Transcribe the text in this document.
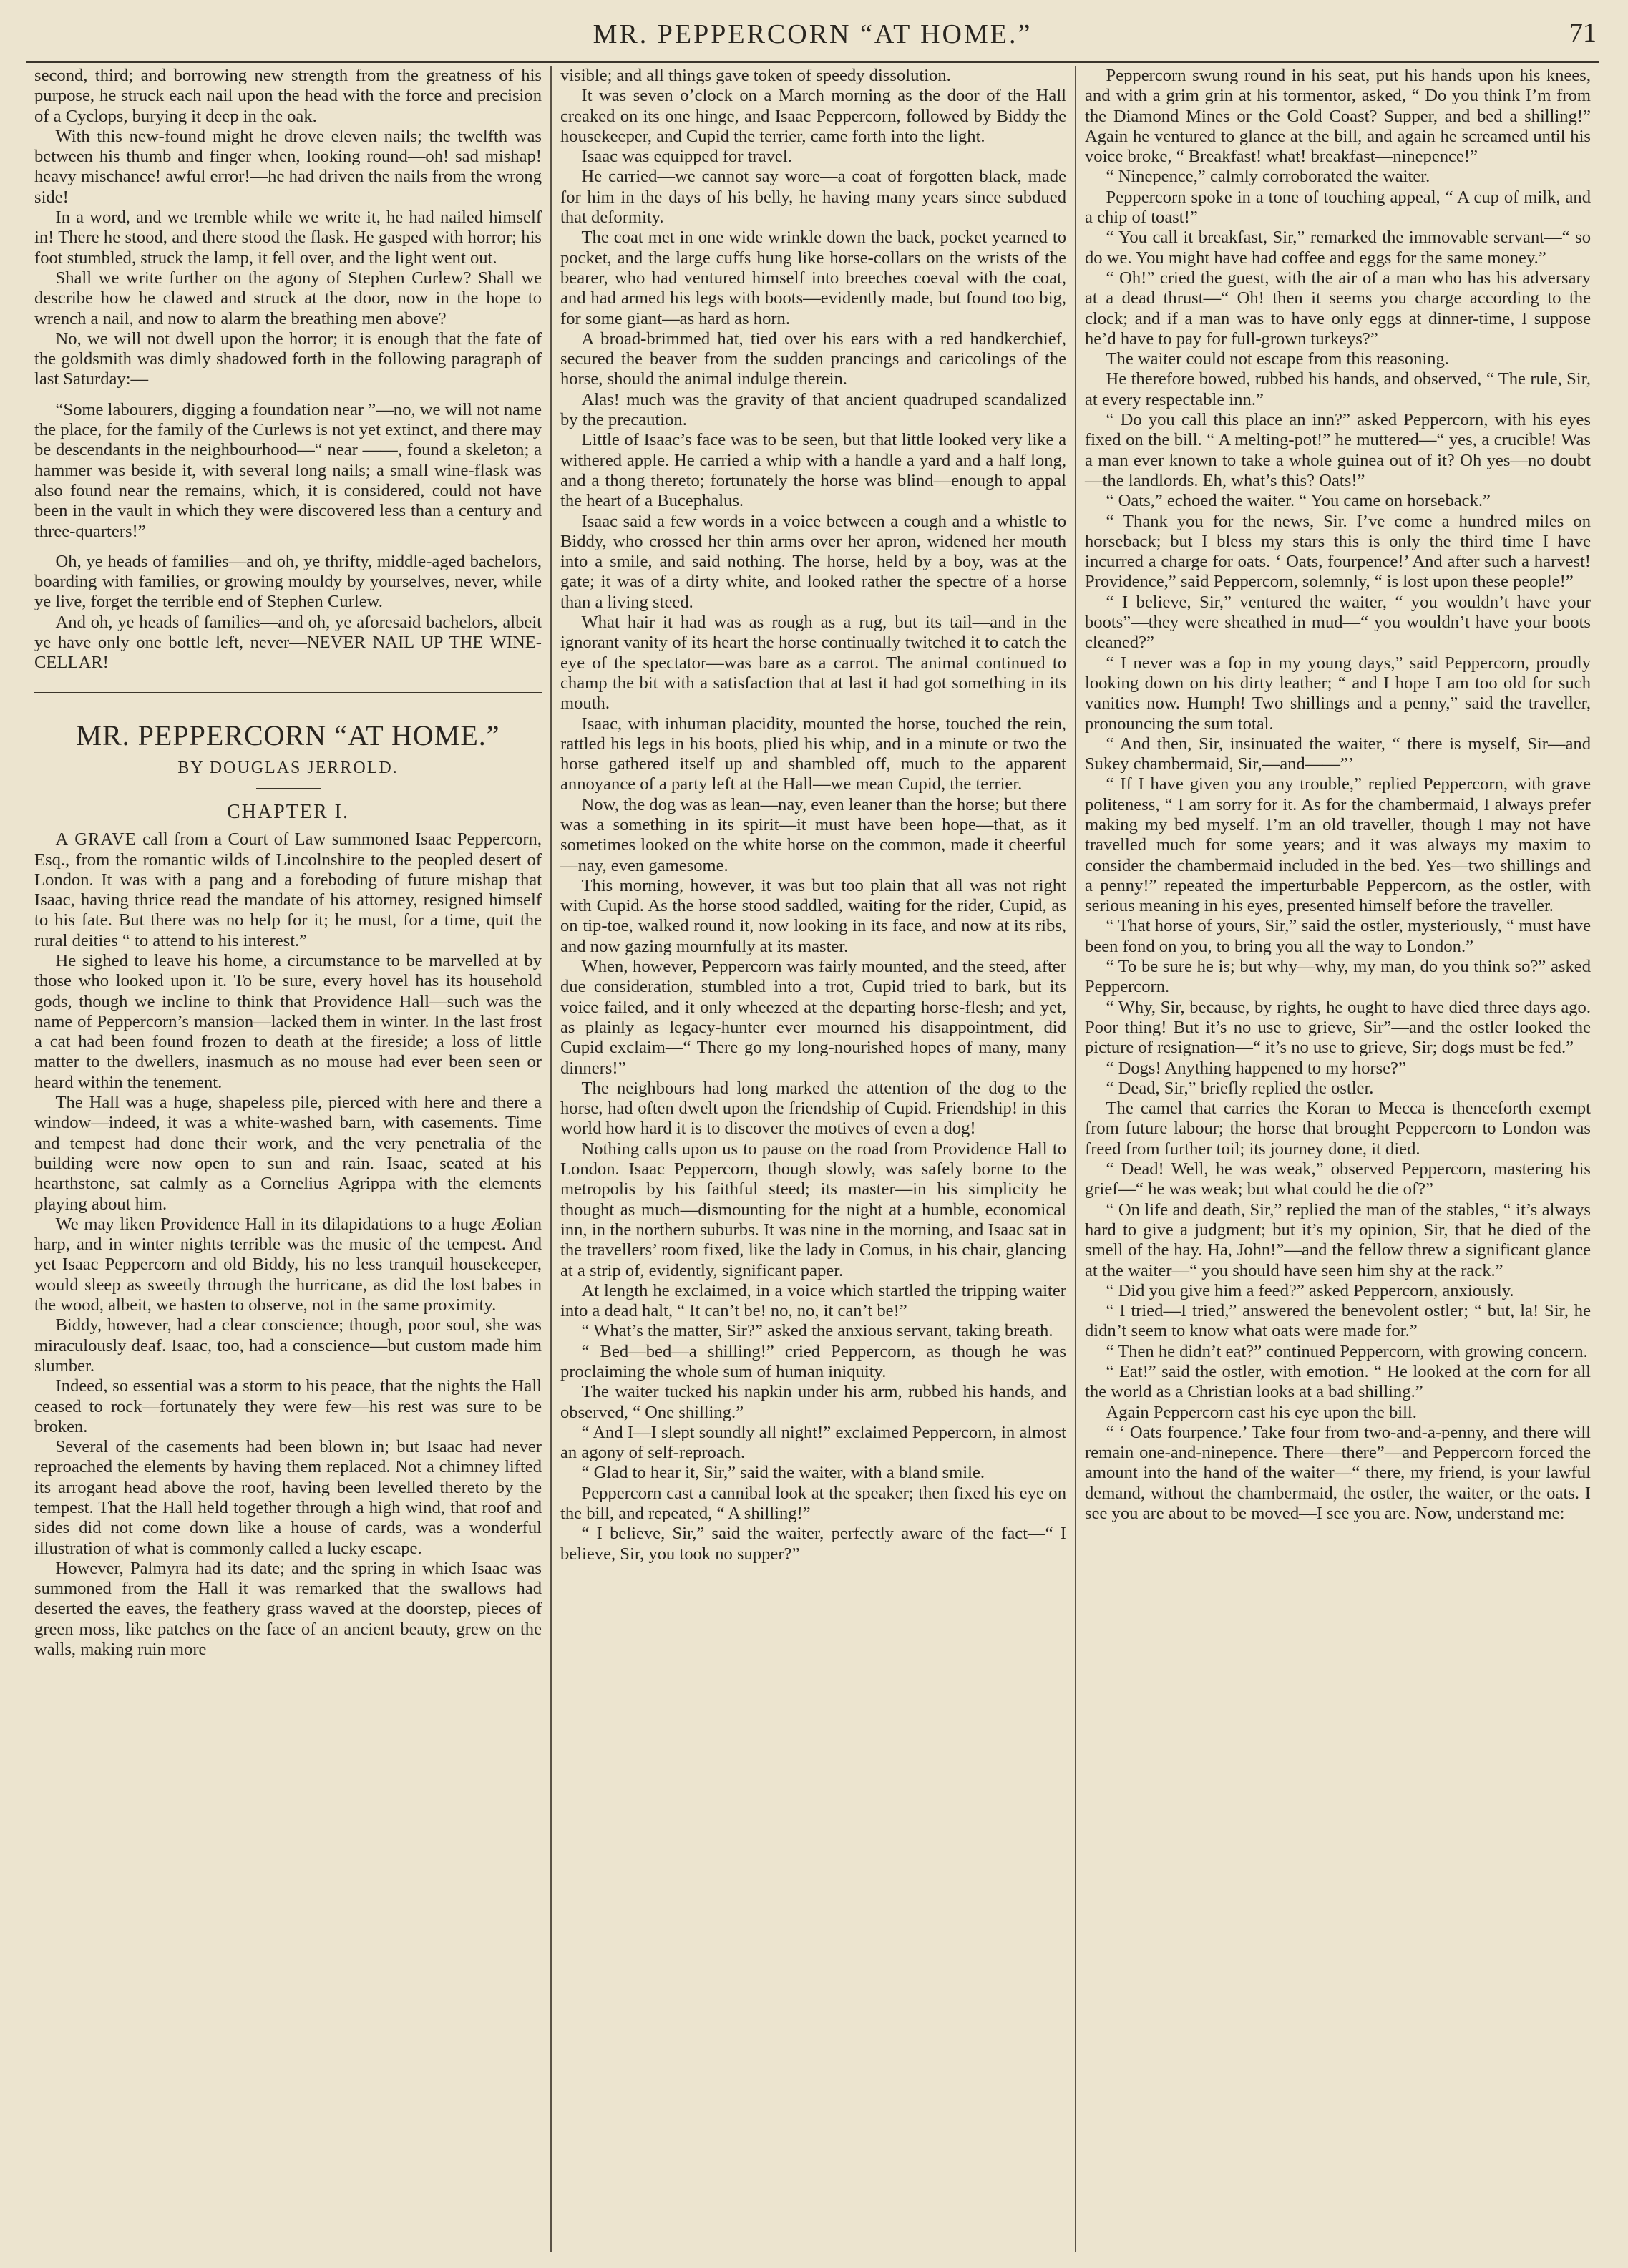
MR. PEPPERCORN “AT HOME.”	71

second, third; and borrowing new strength from the greatness of his purpose, he struck each nail upon the head with the force and precision of a Cyclops, burying it deep in the oak.

With this new-found might he drove eleven nails; the twelfth was between his thumb and finger when, looking round—oh! sad mishap! heavy mischance! awful error!—he had driven the nails from the wrong side!

In a word, and we tremble while we write it, he had nailed himself in! There he stood, and there stood the flask. He gasped with horror; his foot stumbled, struck the lamp, it fell over, and the light went out.

Shall we write further on the agony of Stephen Curlew? Shall we describe how he clawed and struck at the door, now in the hope to wrench a nail, and now to alarm the breathing men above?

No, we will not dwell upon the horror; it is enough that the fate of the goldsmith was dimly shadowed forth in the following paragraph of last Saturday:—

“Some labourers, digging a foundation near ”—no, we will not name the place, for the family of the Curlews is not yet extinct, and there may be descendants in the neighbourhood—“ near ——, found a skeleton; a hammer was beside it, with several long nails; a small wine-flask was also found near the remains, which, it is considered, could not have been in the vault in which they were discovered less than a century and three-quarters!”

Oh, ye heads of families—and oh, ye thrifty, middle-aged bachelors, boarding with families, or growing mouldy by yourselves, never, while ye live, forget the terrible end of Stephen Curlew.

And oh, ye heads of families—and oh, ye aforesaid bachelors, albeit ye have only one bottle left, never—NEVER NAIL UP THE WINE-CELLAR!

MR. PEPPERCORN “AT HOME.”
BY DOUGLAS JERROLD.
CHAPTER I.

A GRAVE call from a Court of Law summoned Isaac Peppercorn, Esq., from the romantic wilds of Lincolnshire to the peopled desert of London. It was with a pang and a foreboding of future mishap that Isaac, having thrice read the mandate of his attorney, resigned himself to his fate. But there was no help for it; he must, for a time, quit the rural deities “ to attend to his interest.”

He sighed to leave his home, a circumstance to be marvelled at by those who looked upon it. To be sure, every hovel has its household gods, though we incline to think that Providence Hall—such was the name of Peppercorn’s mansion—lacked them in winter. In the last frost a cat had been found frozen to death at the fireside; a loss of little matter to the dwellers, inasmuch as no mouse had ever been seen or heard within the tenement.

The Hall was a huge, shapeless pile, pierced with here and there a window—indeed, it was a white-washed barn, with casements. Time and tempest had done their work, and the very penetralia of the building were now open to sun and rain. Isaac, seated at his hearthstone, sat calmly as a Cornelius Agrippa with the elements playing about him.

We may liken Providence Hall in its dilapidations to a huge Æolian harp, and in winter nights terrible was the music of the tempest. And yet Isaac Peppercorn and old Biddy, his no less tranquil housekeeper, would sleep as sweetly through the hurricane, as did the lost babes in the wood, albeit, we hasten to observe, not in the same proximity.

Biddy, however, had a clear conscience; though, poor soul, she was miraculously deaf. Isaac, too, had a conscience—but custom made him slumber.

Indeed, so essential was a storm to his peace, that the nights the Hall ceased to rock—fortunately they were few—his rest was sure to be broken.

Several of the casements had been blown in; but Isaac had never reproached the elements by having them replaced. Not a chimney lifted its arrogant head above the roof, having been levelled thereto by the tempest. That the Hall held together through a high wind, that roof and sides did not come down like a house of cards, was a wonderful illustration of what is commonly called a lucky escape.

However, Palmyra had its date; and the spring in which Isaac was summoned from the Hall it was remarked that the swallows had deserted the eaves, the feathery grass waved at the doorstep, pieces of green moss, like patches on the face of an ancient beauty, grew on the walls, making ruin more

visible; and all things gave token of speedy dissolution.

It was seven o’clock on a March morning as the door of the Hall creaked on its one hinge, and Isaac Peppercorn, followed by Biddy the housekeeper, and Cupid the terrier, came forth into the light.

Isaac was equipped for travel.

He carried—we cannot say wore—a coat of forgotten black, made for him in the days of his belly, he having many years since subdued that deformity.

The coat met in one wide wrinkle down the back, pocket yearned to pocket, and the large cuffs hung like horse-collars on the wrists of the bearer, who had ventured himself into breeches coeval with the coat, and had armed his legs with boots—evidently made, but found too big, for some giant—as hard as horn.

A broad-brimmed hat, tied over his ears with a red handkerchief, secured the beaver from the sudden prancings and caricolings of the horse, should the animal indulge therein.

Alas! much was the gravity of that ancient quadruped scandalized by the precaution.

Little of Isaac’s face was to be seen, but that little looked very like a withered apple. He carried a whip with a handle a yard and a half long, and a thong thereto; fortunately the horse was blind—enough to appal the heart of a Bucephalus.

Isaac said a few words in a voice between a cough and a whistle to Biddy, who crossed her thin arms over her apron, widened her mouth into a smile, and said nothing. The horse, held by a boy, was at the gate; it was of a dirty white, and looked rather the spectre of a horse than a living steed.

What hair it had was as rough as a rug, but its tail—and in the ignorant vanity of its heart the horse continually twitched it to catch the eye of the spectator—was bare as a carrot. The animal continued to champ the bit with a satisfaction that at last it had got something in its mouth.

Isaac, with inhuman placidity, mounted the horse, touched the rein, rattled his legs in his boots, plied his whip, and in a minute or two the horse gathered itself up and shambled off, much to the apparent annoyance of a party left at the Hall—we mean Cupid, the terrier.

Now, the dog was as lean—nay, even leaner than the horse; but there was a something in its spirit—it must have been hope—that, as it sometimes looked on the white horse on the common, made it cheerful—nay, even gamesome.

This morning, however, it was but too plain that all was not right with Cupid. As the horse stood saddled, waiting for the rider, Cupid, as on tip-toe, walked round it, now looking in its face, and now at its ribs, and now gazing mournfully at its master.

When, however, Peppercorn was fairly mounted, and the steed, after due consideration, stumbled into a trot, Cupid tried to bark, but its voice failed, and it only wheezed at the departing horse-flesh; and yet, as plainly as legacy-hunter ever mourned his disappointment, did Cupid exclaim—“ There go my long-nourished hopes of many, many dinners!”

The neighbours had long marked the attention of the dog to the horse, had often dwelt upon the friendship of Cupid. Friendship! in this world how hard it is to discover the motives of even a dog!

Nothing calls upon us to pause on the road from Providence Hall to London. Isaac Peppercorn, though slowly, was safely borne to the metropolis by his faithful steed; its master—in his simplicity he thought as much—dismounting for the night at a humble, economical inn, in the northern suburbs. It was nine in the morning, and Isaac sat in the travellers’ room fixed, like the lady in Comus, in his chair, glancing at a strip of, evidently, significant paper.

At length he exclaimed, in a voice which startled the tripping waiter into a dead halt, “ It can’t be! no, no, it can’t be!”

“ What’s the matter, Sir?” asked the anxious servant, taking breath.

“ Bed—bed—a shilling!” cried Peppercorn, as though he was proclaiming the whole sum of human iniquity.

The waiter tucked his napkin under his arm, rubbed his hands, and observed, “ One shilling.”

“ And I—I slept soundly all night!” exclaimed Peppercorn, in almost an agony of self-reproach.

“ Glad to hear it, Sir,” said the waiter, with a bland smile.

Peppercorn cast a cannibal look at the speaker; then fixed his eye on the bill, and repeated, “ A shilling!”

“ I believe, Sir,” said the waiter, perfectly aware of the fact—“ I believe, Sir, you took no supper?”

Peppercorn swung round in his seat, put his hands upon his knees, and with a grim grin at his tormentor, asked, “ Do you think I’m from the Diamond Mines or the Gold Coast? Supper, and bed a shilling!” Again he ventured to glance at the bill, and again he screamed until his voice broke, “ Breakfast! what! breakfast—ninepence!”

“ Ninepence,” calmly corroborated the waiter.

Peppercorn spoke in a tone of touching appeal, “ A cup of milk, and a chip of toast!”

“ You call it breakfast, Sir,” remarked the immovable servant—“ so do we. You might have had coffee and eggs for the same money.”

“ Oh!” cried the guest, with the air of a man who has his adversary at a dead thrust—“ Oh! then it seems you charge according to the clock; and if a man was to have only eggs at dinner-time, I suppose he’d have to pay for full-grown turkeys?”

The waiter could not escape from this reasoning.

He therefore bowed, rubbed his hands, and observed, “ The rule, Sir, at every respectable inn.”

“ Do you call this place an inn?” asked Peppercorn, with his eyes fixed on the bill. “ A melting-pot!” he muttered—“ yes, a crucible! Was a man ever known to take a whole guinea out of it? Oh yes—no doubt—the landlords. Eh, what’s this? Oats!”

“ Oats,” echoed the waiter. “ You came on horseback.”

“ Thank you for the news, Sir. I’ve come a hundred miles on horseback; but I bless my stars this is only the third time I have incurred a charge for oats. ‘ Oats, fourpence!’ And after such a harvest! Providence,” said Peppercorn, solemnly, “ is lost upon these people!”

“ I believe, Sir,” ventured the waiter, “ you wouldn’t have your boots”—they were sheathed in mud—“ you wouldn’t have your boots cleaned?”

“ I never was a fop in my young days,” said Peppercorn, proudly looking down on his dirty leather; “ and I hope I am too old for such vanities now. Humph! Two shillings and a penny,” said the traveller, pronouncing the sum total.

“ And then, Sir, insinuated the waiter, “ there is myself, Sir—and Sukey chambermaid, Sir,—and——”’

“ If I have given you any trouble,” replied Peppercorn, with grave politeness, “ I am sorry for it. As for the chambermaid, I always prefer making my bed myself. I’m an old traveller, though I may not have travelled much for some years; and it was always my maxim to consider the chambermaid included in the bed. Yes—two shillings and a penny!” repeated the imperturbable Peppercorn, as the ostler, with serious meaning in his eyes, presented himself before the traveller.

“ That horse of yours, Sir,” said the ostler, mysteriously, “ must have been fond on you, to bring you all the way to London.”

“ To be sure he is; but why—why, my man, do you think so?” asked Peppercorn.

“ Why, Sir, because, by rights, he ought to have died three days ago. Poor thing! But it’s no use to grieve, Sir”—and the ostler looked the picture of resignation—“ it’s no use to grieve, Sir; dogs must be fed.”

“ Dogs! Anything happened to my horse?”

“ Dead, Sir,” briefly replied the ostler.

The camel that carries the Koran to Mecca is thenceforth exempt from future labour; the horse that brought Peppercorn to London was freed from further toil; its journey done, it died.

“ Dead! Well, he was weak,” observed Peppercorn, mastering his grief—“ he was weak; but what could he die of?”

“ On life and death, Sir,” replied the man of the stables, “ it’s always hard to give a judgment; but it’s my opinion, Sir, that he died of the smell of the hay. Ha, John!”—and the fellow threw a significant glance at the waiter—“ you should have seen him shy at the rack.”

“ Did you give him a feed?” asked Peppercorn, anxiously.

“ I tried—I tried,” answered the benevolent ostler; “ but, la! Sir, he didn’t seem to know what oats were made for.”

“ Then he didn’t eat?” continued Peppercorn, with growing concern.

“ Eat!” said the ostler, with emotion. “ He looked at the corn for all the world as a Christian looks at a bad shilling.”

Again Peppercorn cast his eye upon the bill.

“ ‘ Oats fourpence.’ Take four from two-and-a-penny, and there will remain one-and-ninepence. There—there”—and Peppercorn forced the amount into the hand of the waiter—“ there, my friend, is your lawful demand, without the chambermaid, the ostler, the waiter, or the oats. I see you are about to be moved—I see you are. Now, understand me:
